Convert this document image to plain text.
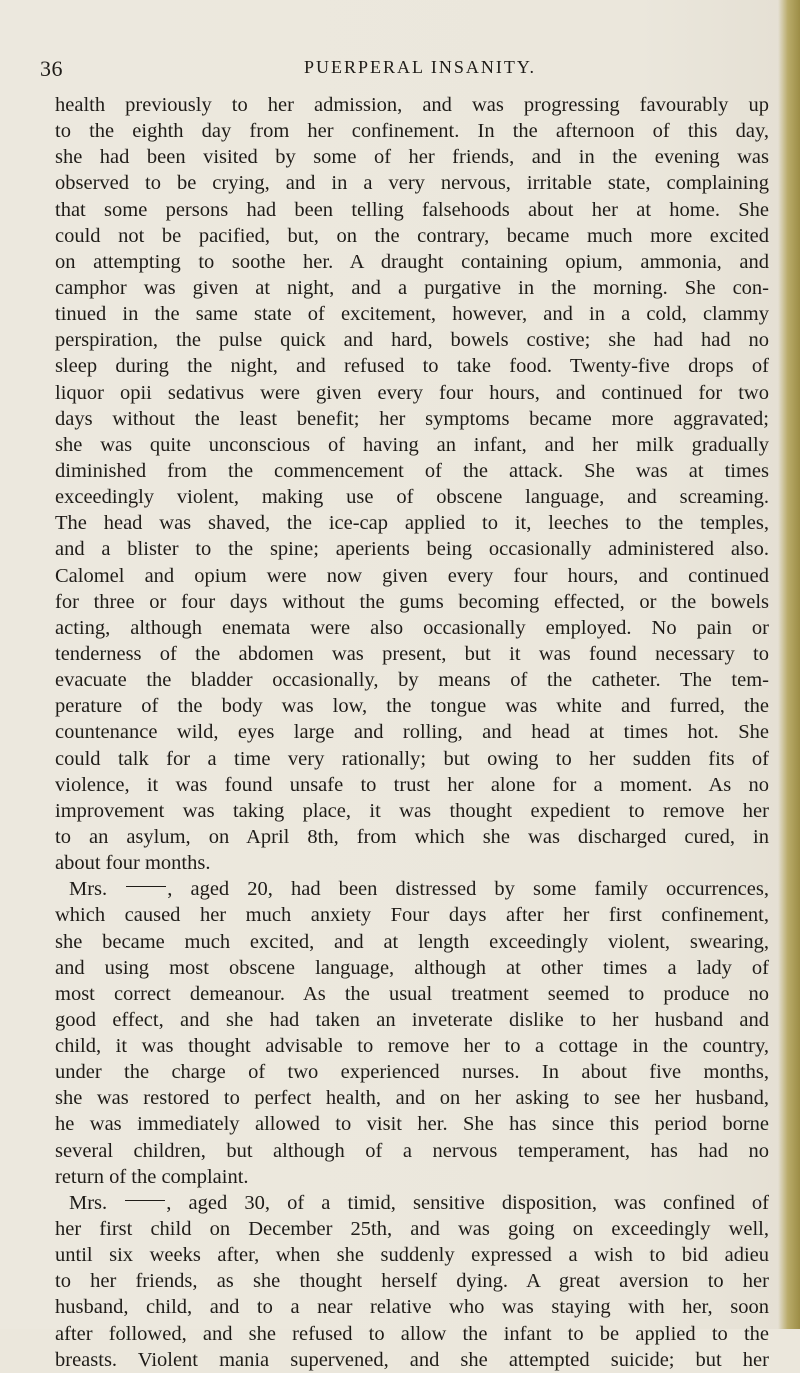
36	PUERPERAL INSANITY.
health previously to her admission, and was progressing favourably up
to the eighth day from her confinement. In the afternoon of this day,
she had been visited by some of her friends, and in the evening was
observed to be crying, and in a very nervous, irritable state, complaining
that some persons had been telling falsehoods about her at home. She
could not be pacified, but, on the contrary, became much more excited
on attempting to soothe her. A draught containing opium, ammonia, and
camphor was given at night, and a purgative in the morning. She con-
tinued in the same state of excitement, however, and in a cold, clammy
perspiration, the pulse quick and hard, bowels costive; she had had no
sleep during the night, and refused to take food. Twenty-five drops of
liquor opii sedativus were given every four hours, and continued for two
days without the least benefit; her symptoms became more aggravated;
she was quite unconscious of having an infant, and her milk gradually
diminished from the commencement of the attack. She was at times
exceedingly violent, making use of obscene language, and screaming.
The head was shaved, the ice-cap applied to it, leeches to the temples,
and a blister to the spine; aperients being occasionally administered also.
Calomel and opium were now given every four hours, and continued
for three or four days without the gums becoming effected, or the bowels
acting, although enemata were also occasionally employed. No pain or
tenderness of the abdomen was present, but it was found necessary to
evacuate the bladder occasionally, by means of the catheter. The tem-
perature of the body was low, the tongue was white and furred, the
countenance wild, eyes large and rolling, and head at times hot. She
could talk for a time very rationally; but owing to her sudden fits of
violence, it was found unsafe to trust her alone for a moment. As no
improvement was taking place, it was thought expedient to remove her
to an asylum, on April 8th, from which she was discharged cured, in
about four months.
Mrs.	, aged 20, had been distressed by some family occurrences,
which caused her much anxiety Four days after her first confinement,
she became much excited, and at length exceedingly violent, swearing,
and using most obscene language, although at other times a lady of
most correct demeanour. As the usual treatment seemed to produce no
good effect, and she had taken an inveterate dislike to her husband and
child, it was thought advisable to remove her to a cottage in the country,
under the charge of two experienced nurses. In about five months,
she was restored to perfect health, and on her asking to see her husband,
he was immediately allowed to visit her. She has since this period borne
several children, but although of a nervous temperament, has had no
return of the complaint.
Mrs.	, aged 30, of a timid, sensitive disposition, was confined of
her first child on December 25th, and was going on exceedingly well,
until six weeks after, when she suddenly expressed a wish to bid adieu
to her friends, as she thought herself dying. A great aversion to her
husband, child, and to a near relative who was staying with her, soon
after followed, and she refused to allow the infant to be applied to the
breasts. Violent mania supervened, and she attempted suicide; but her
